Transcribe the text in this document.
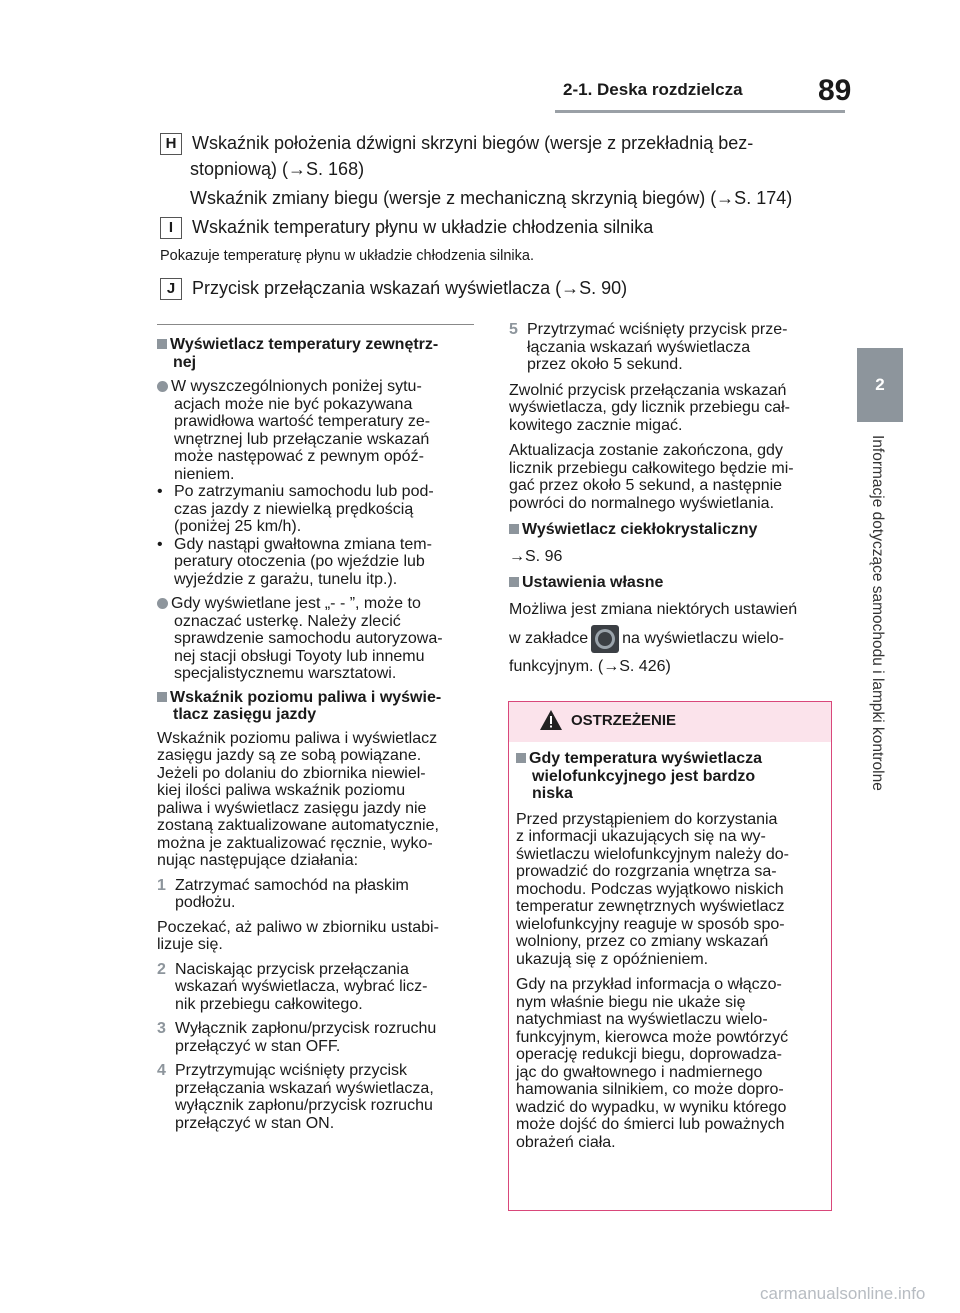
2-1. Deska rozdzielcza	89
2
Informacje dotyczące samochodu i lampki kontrolne
H Wskaźnik położenia dźwigni skrzyni biegów (wersje z przekładnią bez-
stopniową) (→S. 168)
Wskaźnik zmiany biegu (wersje z mechaniczną skrzynią biegów) (→S. 174)
I Wskaźnik temperatury płynu w układzie chłodzenia silnika
Pokazuje temperaturę płynu w układzie chłodzenia silnika.
J Przycisk przełączania wskazań wyświetlacza (→S. 90)

Wyświetlacz temperatury zewnętrz-
nej

W wyszczególnionych poniżej sytu-
acjach może nie być pokazywana
prawidłowa wartość temperatury ze-
wnętrznej lub przełączanie wskazań
może następować z pewnym opóź-
nieniem.

• Po zatrzymaniu samochodu lub pod-
czas jazdy z niewielką prędkością
(poniżej 25 km/h).

• Gdy nastąpi gwałtowna zmiana tem-
peratury otoczenia (po wjeździe lub
wyjeździe z garażu, tunelu itp.).

Gdy wyświetlane jest „- - ”, może to
oznaczać usterkę. Należy zlecić
sprawdzenie samochodu autoryzowa-
nej stacji obsługi Toyoty lub innemu
specjalistycznemu warsztatowi.

Wskaźnik poziomu paliwa i wyświe-
tlacz zasięgu jazdy

Wskaźnik poziomu paliwa i wyświetlacz
zasięgu jazdy są ze sobą powiązane.
Jeżeli po dolaniu do zbiornika niewiel-
kiej ilości paliwa wskaźnik poziomu
paliwa i wyświetlacz zasięgu jazdy nie
zostaną zaktualizowane automatycznie,
można je zaktualizować ręcznie, wyko-
nując następujące działania:

1 Zatrzymać samochód na płaskim
podłożu.

Poczekać, aż paliwo w zbiorniku ustabi-
lizuje się.

2 Naciskając przycisk przełączania
wskazań wyświetlacza, wybrać licz-
nik przebiegu całkowitego.

3 Wyłącznik zapłonu/przycisk rozruchu
przełączyć w stan OFF.

4 Przytrzymując wciśnięty przycisk
przełączania wskazań wyświetlacza,
wyłącznik zapłonu/przycisk rozruchu
przełączyć w stan ON.

5 Przytrzymać wciśnięty przycisk prze-
łączania wskazań wyświetlacza
przez około 5 sekund.

Zwolnić przycisk przełączania wskazań
wyświetlacza, gdy licznik przebiegu cał-
kowitego zacznie migać.

Aktualizacja zostanie zakończona, gdy
licznik przebiegu całkowitego będzie mi-
gać przez około 5 sekund, a następnie
powróci do normalnego wyświetlania.

Wyświetlacz ciekłokrystaliczny

→S. 96

Ustawienia własne

Możliwa jest zmiana niektórych ustawień

w zakładce na wyświetlaczu wielo-

funkcyjnym. (→S. 426)

OSTRZEŻENIE

Gdy temperatura wyświetlacza
wielofunkcyjnego jest bardzo
niska

Przed przystąpieniem do korzystania
z informacji ukazujących się na wy-
świetlaczu wielofunkcyjnym należy do-
prowadzić do rozgrzania wnętrza sa-
mochodu. Podczas wyjątkowo niskich
temperatur zewnętrznych wyświetlacz
wielofunkcyjny reaguje w sposób spo-
wolniony, przez co zmiany wskazań
ukazują się z opóźnieniem.

Gdy na przykład informacja o włączo-
nym właśnie biegu nie ukaże się
natychmiast na wyświetlaczu wielo-
funkcyjnym, kierowca może powtórzyć
operację redukcji biegu, doprowadza-
jąc do gwałtownego i nadmiernego
hamowania silnikiem, co może dopro-
wadzić do wypadku, w wyniku którego
może dojść do śmierci lub poważnych
obrażeń ciała.

carmanualsonline.info
